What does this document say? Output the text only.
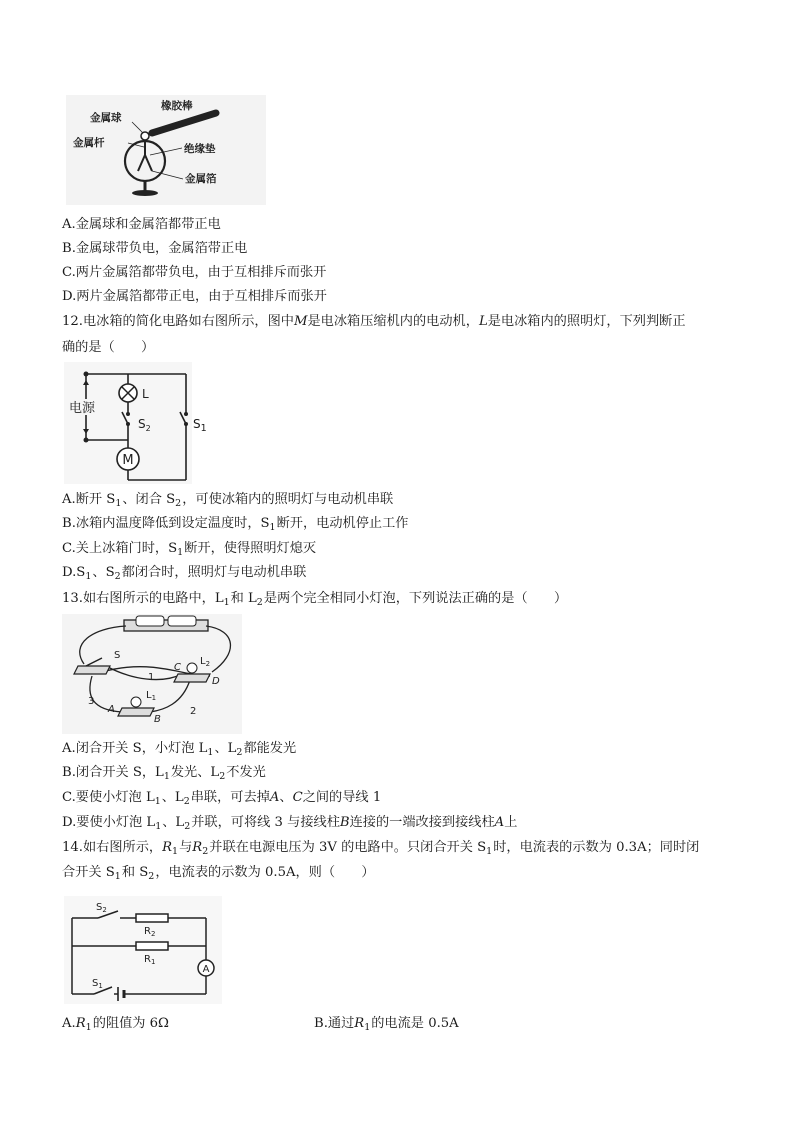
橡胶棒
金属球
金属杆	绝缘垫
金属箔
A.金属球和金属箔都带正电
B.金属球带负电，金属箔带正电
C.两片金属箔都带负电，由于互相排斥而张开
D.两片金属箔都带正电，由于互相排斥而张开
12.电冰箱的简化电路如右图所示，图中M是电冰箱压缩机内的电动机，L是电冰箱内的照明灯，下列判断正
确的是（　　）
M
电源
L
$S_2$	$S_1$
A.断开 $S_1$、闭合 $S_2$，可使冰箱内的照明灯与电动机串联
B.冰箱内温度降低到设定温度时，$S_1$断开，电动机停止工作
C.关上冰箱门时，$S_1$断开，使得照明灯熄灭
$D.S_1$、$S_2$都闭合时，照明灯与电动机串联
13.如右图所示的电路中，$L_1$和 $L_2$是两个完全相同小灯泡，下列说法正确的是（　　）
S
C
$L_2$
D
1
$L_1$
3
A
B
2
A.闭合开关 S，小灯泡 $L_1$、$L_2$都能发光
B.闭合开关 S，$L_1$发光、$L_2$不发光
C.要使小灯泡 $L_1$、$L_2$串联，可去掉A、C之间的导线 1
D.要使小灯泡 $L_1$、$L_2$并联，可将线 3 与接线柱B连接的一端改接到接线柱A上
14.如右图所示，$R_1$与$R_2$并联在电源电压为 3V 的电路中。只闭合开关 $S_1$时，电流表的示数为 0.3A；同时闭
合开关 $S_1$和 $S_2$，电流表的示数为 0.5A，则（　　）
A
$S_2$
$R_2$
$R_1$
$S_1$
$A.R_1$的阻值为 6Ω	B.通过$R_1$的电流是 0.5A
